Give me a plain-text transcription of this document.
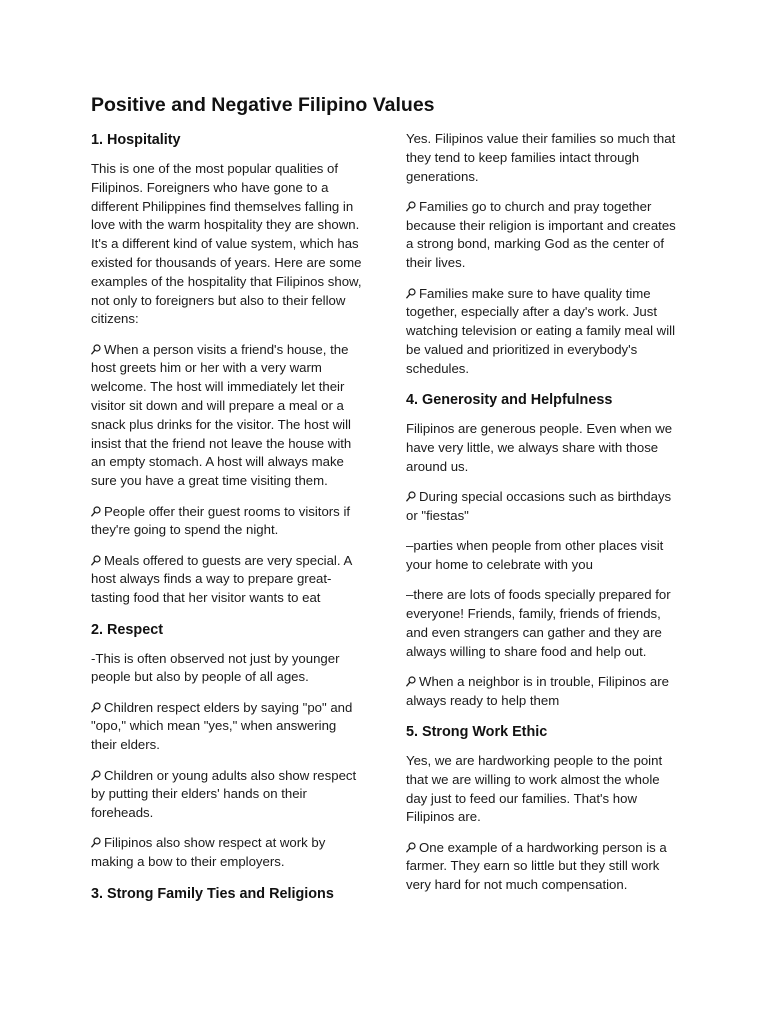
Positive and Negative Filipino Values

1. Hospitality

This is one of the most popular qualities of Filipinos. Foreigners who have gone to a different Philippines find themselves falling in love with the warm hospitality they are shown. It's a different kind of value system, which has existed for thousands of years. Here are some examples of the hospitality that Filipinos show, not only to foreigners but also to their fellow citizens:

When a person visits a friend's house, the host greets him or her with a very warm welcome. The host will immediately let their visitor sit down and will prepare a meal or a snack plus drinks for the visitor. The host will insist that the friend not leave the house with an empty stomach. A host will always make sure you have a great time visiting them.

People offer their guest rooms to visitors if they're going to spend the night.

Meals offered to guests are very special. A host always finds a way to prepare great-tasting food that her visitor wants to eat

2. Respect

-This is often observed not just by younger people but also by people of all ages.

Children respect elders by saying "po" and "opo," which mean "yes," when answering their elders.

Children or young adults also show respect by putting their elders' hands on their foreheads.

Filipinos also show respect at work by making a bow to their employers.

3. Strong Family Ties and Religions

Yes. Filipinos value their families so much that they tend to keep families intact through generations.

Families go to church and pray together because their religion is important and creates a strong bond, marking God as the center of their lives.

Families make sure to have quality time together, especially after a day's work. Just watching television or eating a family meal will be valued and prioritized in everybody's schedules.

4. Generosity and Helpfulness

Filipinos are generous people. Even when we have very little, we always share with those around us.

During special occasions such as birthdays or "fiestas"

–parties when people from other places visit your home to celebrate with you

–there are lots of foods specially prepared for everyone! Friends, family, friends of friends, and even strangers can gather and they are always willing to share food and help out.

When a neighbor is in trouble, Filipinos are always ready to help them

5. Strong Work Ethic

Yes, we are hardworking people to the point that we are willing to work almost the whole day just to feed our families. That's how Filipinos are.

One example of a hardworking person is a farmer. They earn so little but they still work very hard for not much compensation.
